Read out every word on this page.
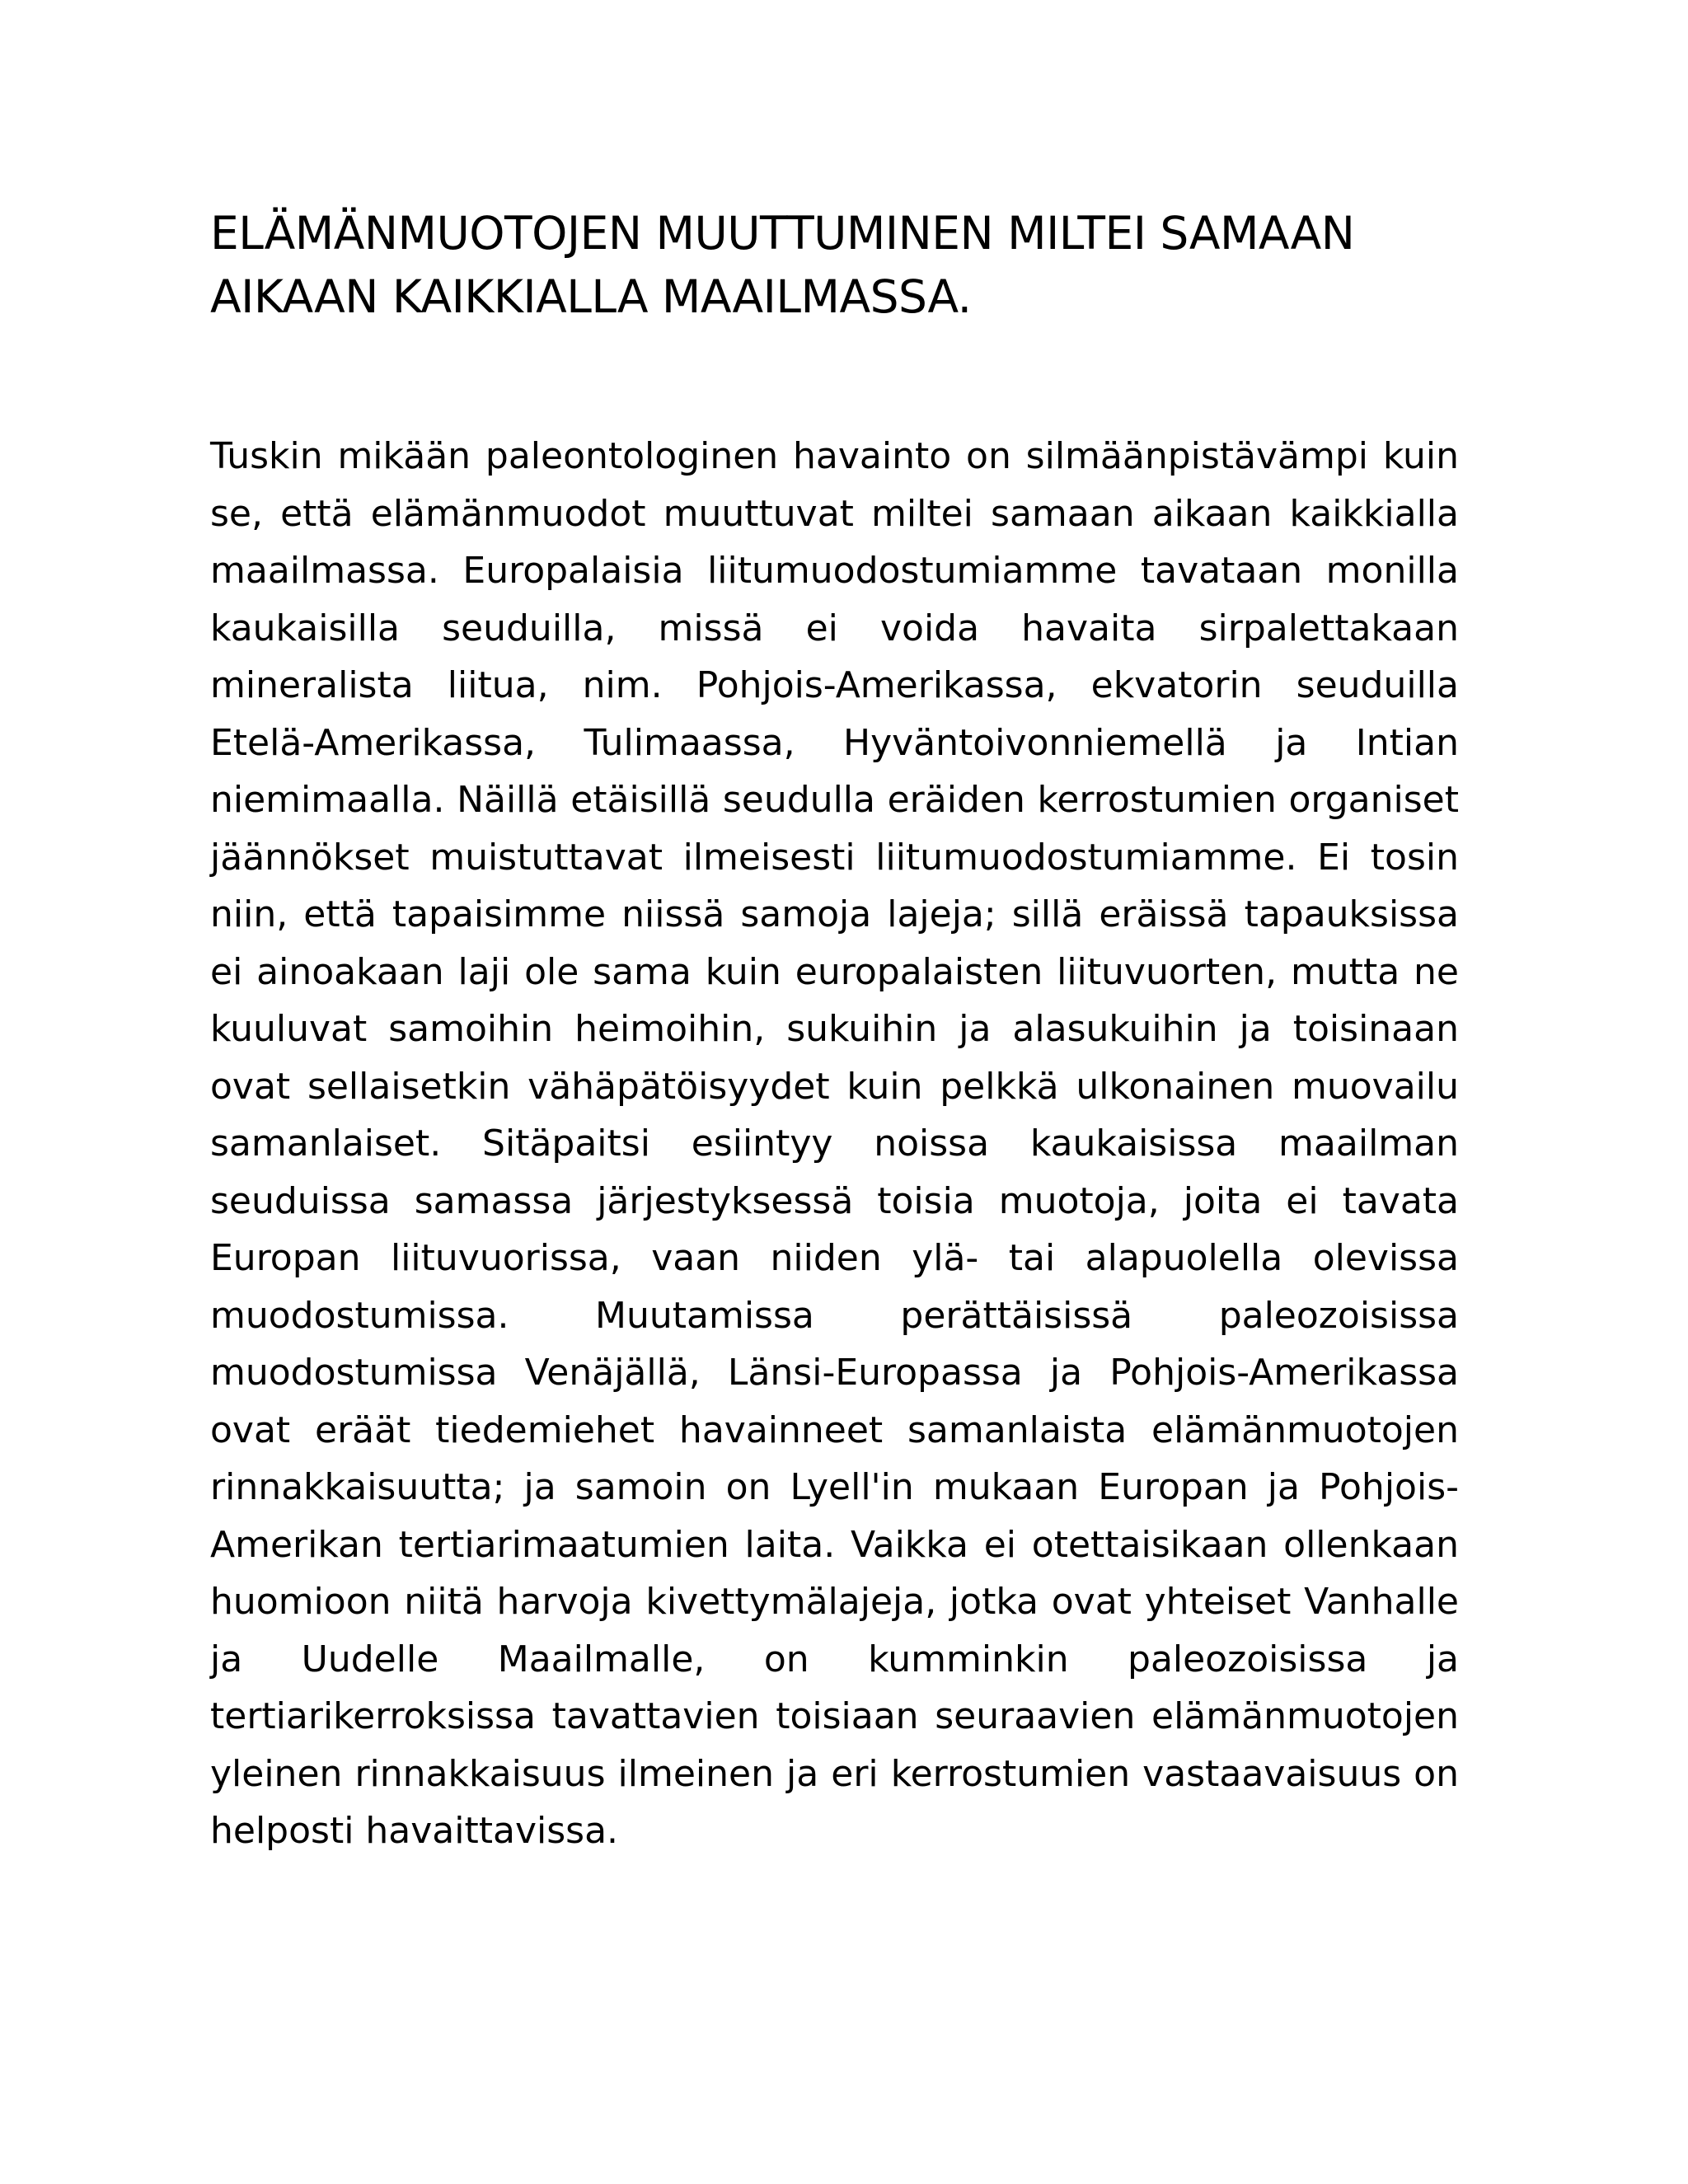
ELÄMÄNMUOTOJEN MUUTTUMINEN MILTEI SAMAAN
AIKAAN KAIKKIALLA MAAILMASSA.

Tuskin mikään paleontologinen havainto on silmäänpistävämpi kuin se, että elämänmuodot muuttuvat miltei samaan aikaan kaikkialla maailmassa. Europalaisia liitumuodostumiamme tavataan monilla kaukaisilla seuduilla, missä ei voida havaita sirpalettakaan mineralista liitua, nim. Pohjois-Amerikassa, ekvatorin seuduilla Etelä-Amerikassa, Tulimaassa, Hyväntoivonniemellä ja Intian niemimaalla. Näillä etäisillä seudulla eräiden kerrostumien organiset jäännökset muistuttavat ilmeisesti liitumuodostumiamme. Ei tosin niin, että tapaisimme niissä samoja lajeja; sillä eräissä tapauksissa ei ainoakaan laji ole sama kuin europalaisten liituvuorten, mutta ne kuuluvat samoihin heimoihin, sukuihin ja alasukuihin ja toisinaan ovat sellaisetkin vähäpätöisyydet kuin pelkkä ulkonainen muovailu samanlaiset. Sitäpaitsi esiintyy noissa kaukaisissa maailman seuduissa samassa järjestyksessä toisia muotoja, joita ei tavata Europan liituvuorissa, vaan niiden ylä- tai alapuolella olevissa muodostumissa. Muutamissa perättäisissä paleozoisissa muodostumissa Venäjällä, Länsi-Europassa ja Pohjois-Amerikassa ovat eräät tiedemiehet havainneet samanlaista elämänmuotojen rinnakkaisuutta; ja samoin on Lyell'in mukaan Europan ja Pohjois-Amerikan tertiarimaatumien laita. Vaikka ei otettaisikaan ollenkaan huomioon niitä harvoja kivettymälajeja, jotka ovat yhteiset Vanhalle ja Uudelle Maailmalle, on kumminkin paleozoisissa ja tertiarikerroksissa tavattavien toisiaan seuraavien elämänmuotojen yleinen rinnakkaisuus ilmeinen ja eri kerrostumien vastaavaisuus on helposti havaittavissa.
